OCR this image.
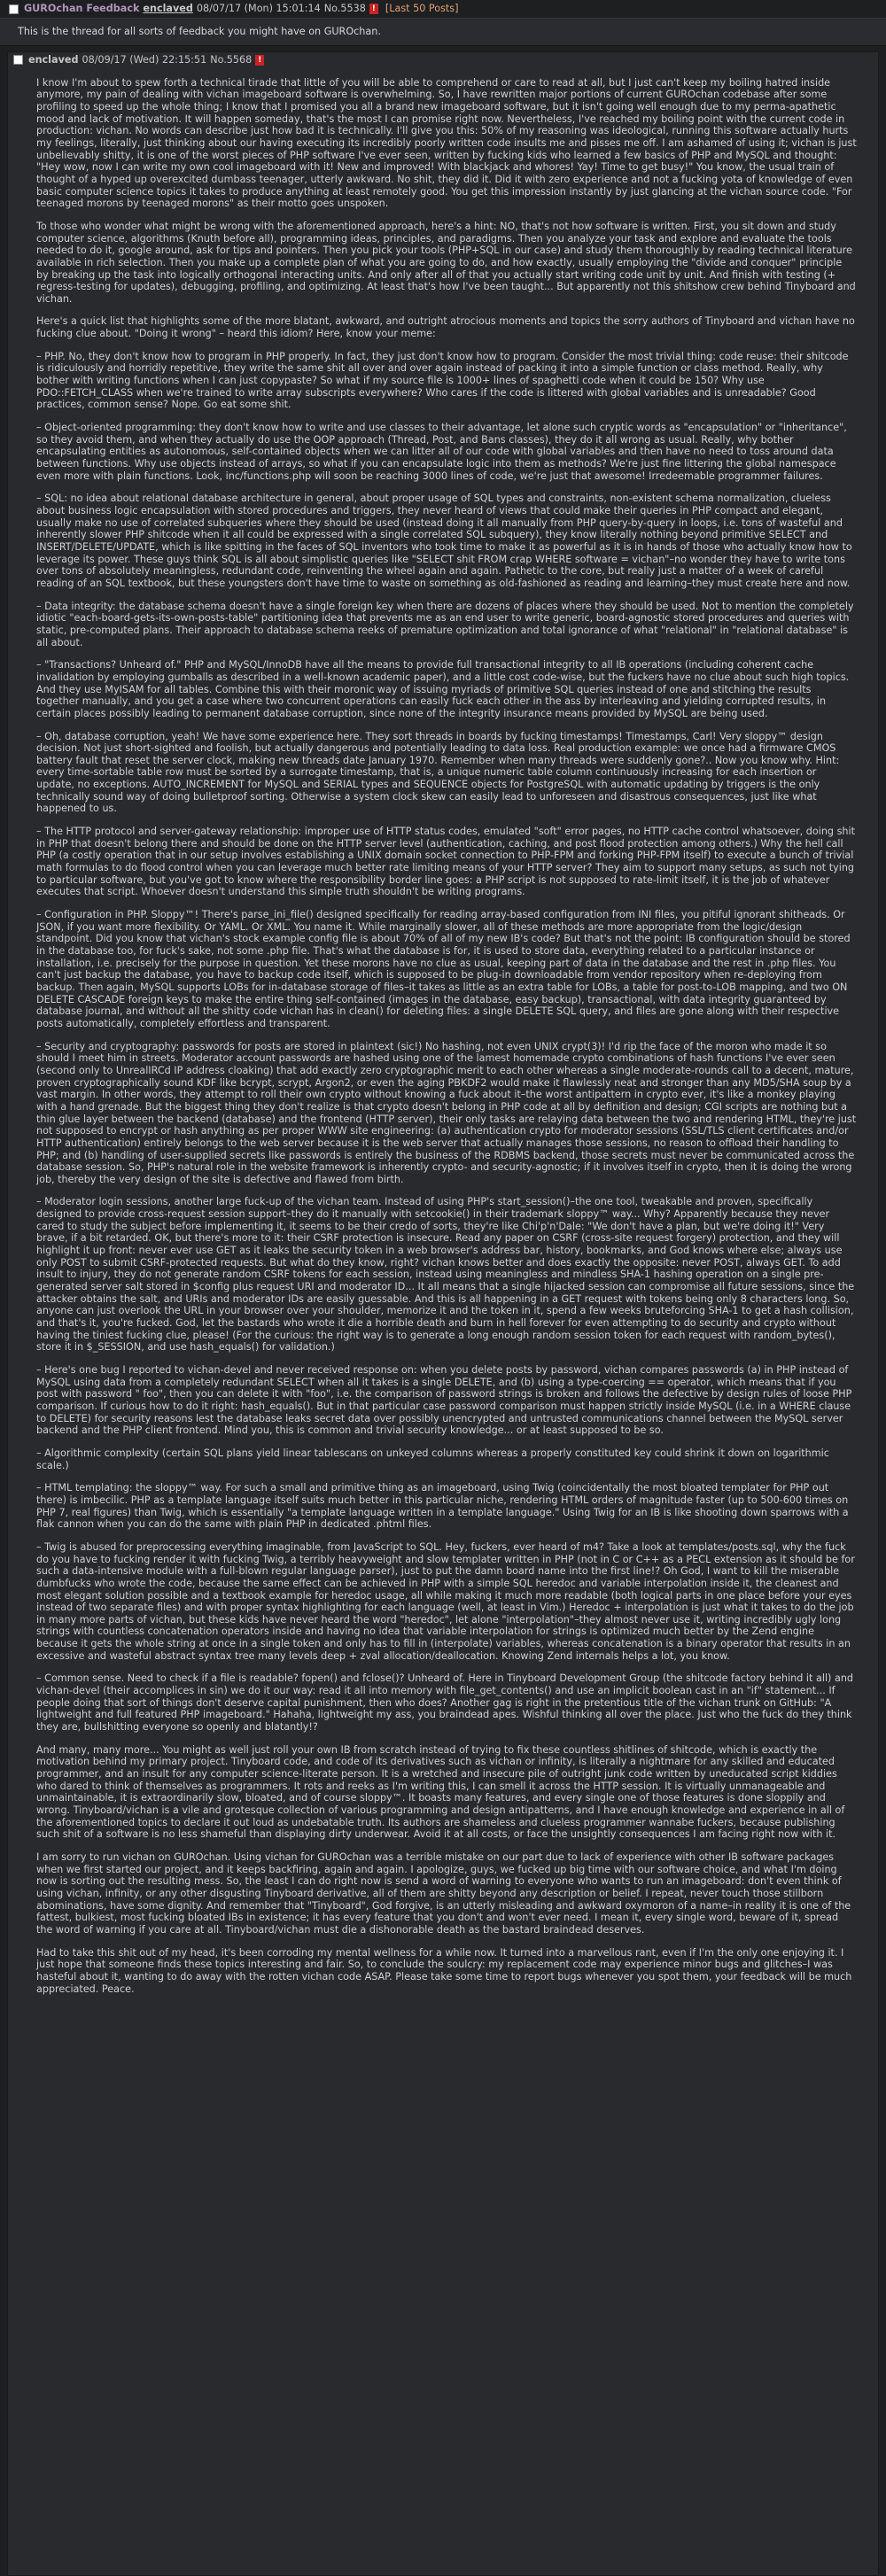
GUROchan Feedback enclaved 08/07/17 (Mon) 15:01:14 No.5538 ! [Last 50 Posts]
This is the thread for all sorts of feedback you might have on GUROchan.
enclaved 08/09/17 (Wed) 22:15:51 No.5568 !

I know I'm about to spew forth a technical tirade that little of you will be able to comprehend or care to read at all, but I just can't keep my boiling hatred inside anymore, my pain of dealing with vichan imageboard software is overwhelming. So, I have rewritten major portions of current GUROchan codebase after some profiling to speed up the whole thing; I know that I promised you all a brand new imageboard software, but it isn't going well enough due to my perma-apathetic mood and lack of motivation. It will happen someday, that's the most I can promise right now. Nevertheless, I've reached my boiling point with the current code in production: vichan. No words can describe just how bad it is technically. I'll give you this: 50% of my reasoning was ideological, running this software actually hurts my feelings, literally, just thinking about our having executing its incredibly poorly written code insults me and pisses me off. I am ashamed of using it; vichan is just unbelievably shitty, it is one of the worst pieces of PHP software I've ever seen, written by fucking kids who learned a few basics of PHP and MySQL and thought: "Hey wow, now I can write my own cool imageboard with it! New and improved! With blackjack and whores! Yay! Time to get busy!" You know, the usual train of thought of a hyped up overexcited dumbass teenager, utterly awkward. No shit, they did it. Did it with zero experience and not a fucking yota of knowledge of even basic computer science topics it takes to produce anything at least remotely good. You get this impression instantly by just glancing at the vichan source code. "For teenaged morons by teenaged morons" as their motto goes unspoken.

To those who wonder what might be wrong with the aforementioned approach, here's a hint: NO, that's not how software is written. First, you sit down and study computer science, algorithms (Knuth before all), programming ideas, principles, and paradigms. Then you analyze your task and explore and evaluate the tools needed to do it, google around, ask for tips and pointers. Then you pick your tools (PHP+SQL in our case) and study them thoroughly by reading technical literature available in rich selection. Then you make up a complete plan of what you are going to do, and how exactly, usually employing the "divide and conquer" principle by breaking up the task into logically orthogonal interacting units. And only after all of that you actually start writing code unit by unit. And finish with testing (+ regress-testing for updates), debugging, profiling, and optimizing. At least that's how I've been taught... But apparently not this shitshow crew behind Tinyboard and vichan.

Here's a quick list that highlights some of the more blatant, awkward, and outright atrocious moments and topics the sorry authors of Tinyboard and vichan have no fucking clue about. "Doing it wrong" – heard this idiom? Here, know your meme:

– PHP. No, they don't know how to program in PHP properly. In fact, they just don't know how to program. Consider the most trivial thing: code reuse: their shitcode is ridiculously and horridly repetitive, they write the same shit all over and over again instead of packing it into a simple function or class method. Really, why bother with writing functions when I can just copypaste? So what if my source file is 1000+ lines of spaghetti code when it could be 150? Why use PDO::FETCH_CLASS when we're trained to write array subscripts everywhere? Who cares if the code is littered with global variables and is unreadable? Good practices, common sense? Nope. Go eat some shit.

– Object-oriented programming: they don't know how to write and use classes to their advantage, let alone such cryptic words as "encapsulation" or "inheritance", so they avoid them, and when they actually do use the OOP approach (Thread, Post, and Bans classes), they do it all wrong as usual. Really, why bother encapsulating entities as autonomous, self-contained objects when we can litter all of our code with global variables and then have no need to toss around data between functions. Why use objects instead of arrays, so what if you can encapsulate logic into them as methods? We're just fine littering the global namespace even more with plain functions. Look, inc/functions.php will soon be reaching 3000 lines of code, we're just that awesome! Irredeemable programmer failures.

– SQL: no idea about relational database architecture in general, about proper usage of SQL types and constraints, non-existent schema normalization, clueless about business logic encapsulation with stored procedures and triggers, they never heard of views that could make their queries in PHP compact and elegant, usually make no use of correlated subqueries where they should be used (instead doing it all manually from PHP query-by-query in loops, i.e. tons of wasteful and inherently slower PHP shitcode when it all could be expressed with a single correlated SQL subquery), they know literally nothing beyond primitive SELECT and INSERT/DELETE/UPDATE, which is like spitting in the faces of SQL inventors who took time to make it as powerful as it is in hands of those who actually know how to leverage its power. These guys think SQL is all about simplistic queries like "SELECT shit FROM crap WHERE software = vichan"–no wonder they have to write tons over tons of absolutely meaningless, redundant code, reinventing the wheel again and again. Pathetic to the core, but really just a matter of a week of careful reading of an SQL textbook, but these youngsters don't have time to waste on something as old-fashioned as reading and learning–they must create here and now.

– Data integrity: the database schema doesn't have a single foreign key when there are dozens of places where they should be used. Not to mention the completely idiotic "each-board-gets-its-own-posts-table" partitioning idea that prevents me as an end user to write generic, board-agnostic stored procedures and queries with static, pre-computed plans. Their approach to database schema reeks of premature optimization and total ignorance of what "relational" in "relational database" is all about.

– "Transactions? Unheard of." PHP and MySQL/InnoDB have all the means to provide full transactional integrity to all IB operations (including coherent cache invalidation by employing gumballs as described in a well-known academic paper), and a little cost code-wise, but the fuckers have no clue about such high topics. And they use MyISAM for all tables. Combine this with their moronic way of issuing myriads of primitive SQL queries instead of one and stitching the results together manually, and you get a case where two concurrent operations can easily fuck each other in the ass by interleaving and yielding corrupted results, in certain places possibly leading to permanent database corruption, since none of the integrity insurance means provided by MySQL are being used.

– Oh, database corruption, yeah! We have some experience here. They sort threads in boards by fucking timestamps! Timestamps, Carl! Very sloppy™ design decision. Not just short-sighted and foolish, but actually dangerous and potentially leading to data loss. Real production example: we once had a firmware CMOS battery fault that reset the server clock, making new threads date January 1970. Remember when many threads were suddenly gone?.. Now you know why. Hint: every time-sortable table row must be sorted by a surrogate timestamp, that is, a unique numeric table column continuously increasing for each insertion or update, no exceptions. AUTO_INCREMENT for MySQL and SERIAL types and SEQUENCE objects for PostgreSQL with automatic updating by triggers is the only technically sound way of doing bulletproof sorting. Otherwise a system clock skew can easily lead to unforeseen and disastrous consequences, just like what happened to us.

– The HTTP protocol and server-gateway relationship: improper use of HTTP status codes, emulated "soft" error pages, no HTTP cache control whatsoever, doing shit in PHP that doesn't belong there and should be done on the HTTP server level (authentication, caching, and post flood protection among others.) Why the hell call PHP (a costly operation that in our setup involves establishing a UNIX domain socket connection to PHP-FPM and forking PHP-FPM itself) to execute a bunch of trivial math formulas to do flood control when you can leverage much better rate limiting means of your HTTP server? They aim to support many setups, as such not tying to particular software, but you've got to know where the responsibility border line goes: a PHP script is not supposed to rate-limit itself, it is the job of whatever executes that script. Whoever doesn't understand this simple truth shouldn't be writing programs.

– Configuration in PHP. Sloppy™! There's parse_ini_file() designed specifically for reading array-based configuration from INI files, you pitiful ignorant shitheads. Or JSON, if you want more flexibility. Or YAML. Or XML. You name it. While marginally slower, all of these methods are more appropriate from the logic/design standpoint. Did you know that vichan's stock example config file is about 70% of all of my new IB's code? But that's not the point: IB configuration should be stored in the database too, for fuck's sake, not some .php file. That's what the database is for, it is used to store data, everything related to a particular instance or installation, i.e. precisely for the purpose in question. Yet these morons have no clue as usual, keeping part of data in the database and the rest in .php files. You can't just backup the database, you have to backup code itself, which is supposed to be plug-in downloadable from vendor repository when re-deploying from backup. Then again, MySQL supports LOBs for in-database storage of files–it takes as little as an extra table for LOBs, a table for post-to-LOB mapping, and two ON DELETE CASCADE foreign keys to make the entire thing self-contained (images in the database, easy backup), transactional, with data integrity guaranteed by database journal, and without all the shitty code vichan has in clean() for deleting files: a single DELETE SQL query, and files are gone along with their respective posts automatically, completely effortless and transparent.

– Security and cryptography: passwords for posts are stored in plaintext (sic!) No hashing, not even UNIX crypt(3)! I'd rip the face of the moron who made it so should I meet him in streets. Moderator account passwords are hashed using one of the lamest homemade crypto combinations of hash functions I've ever seen (second only to UnrealIRCd IP address cloaking) that add exactly zero cryptographic merit to each other whereas a single moderate-rounds call to a decent, mature, proven cryptographically sound KDF like bcrypt, scrypt, Argon2, or even the aging PBKDF2 would make it flawlessly neat and stronger than any MD5/SHA soup by a vast margin. In other words, they attempt to roll their own crypto without knowing a fuck about it–the worst antipattern in crypto ever, it's like a monkey playing with a hand grenade. But the biggest thing they don't realize is that crypto doesn't belong in PHP code at all by definition and design; CGI scripts are nothing but a thin glue layer between the backend (database) and the frontend (HTTP server), their only tasks are relaying data between the two and rendering HTML, they're just not supposed to encrypt or hash anything as per proper WWW site engineering: (a) authentication crypto for moderator sessions (SSL/TLS client certificates and/or HTTP authentication) entirely belongs to the web server because it is the web server that actually manages those sessions, no reason to offload their handling to PHP; and (b) handling of user-supplied secrets like passwords is entirely the business of the RDBMS backend, those secrets must never be communicated across the database session. So, PHP's natural role in the website framework is inherently crypto- and security-agnostic; if it involves itself in crypto, then it is doing the wrong job, thereby the very design of the site is defective and flawed from birth.

– Moderator login sessions, another large fuck-up of the vichan team. Instead of using PHP's start_session()–the one tool, tweakable and proven, specifically designed to provide cross-request session support–they do it manually with setcookie() in their trademark sloppy™ way... Why? Apparently because they never cared to study the subject before implementing it, it seems to be their credo of sorts, they're like Chi'p'n'Dale: "We don't have a plan, but we're doing it!" Very brave, if a bit retarded. OK, but there's more to it: their CSRF protection is insecure. Read any paper on CSRF (cross-site request forgery) protection, and they will highlight it up front: never ever use GET as it leaks the security token in a web browser's address bar, history, bookmarks, and God knows where else; always use only POST to submit CSRF-protected requests. But what do they know, right? vichan knows better and does exactly the opposite: never POST, always GET. To add insult to injury, they do not generate random CSRF tokens for each session, instead using meaningless and mindless SHA-1 hashing operation on a single pre-generated server salt stored in $config plus request URI and moderator ID... It all means that a single hijacked session can compromise all future sessions, since the attacker obtains the salt, and URIs and moderator IDs are easily guessable. And this is all happening in a GET request with tokens being only 8 characters long. So, anyone can just overlook the URL in your browser over your shoulder, memorize it and the token in it, spend a few weeks bruteforcing SHA-1 to get a hash collision, and that's it, you're fucked. God, let the bastards who wrote it die a horrible death and burn in hell forever for even attempting to do security and crypto without having the tiniest fucking clue, please! (For the curious: the right way is to generate a long enough random session token for each request with random_bytes(), store it in $_SESSION, and use hash_equals() for validation.)

– Here's one bug I reported to vichan-devel and never received response on: when you delete posts by password, vichan compares passwords (a) in PHP instead of MySQL using data from a completely redundant SELECT when all it takes is a single DELETE, and (b) using a type-coercing == operator, which means that if you post with password " foo", then you can delete it with "foo", i.e. the comparison of password strings is broken and follows the defective by design rules of loose PHP comparison. If curious how to do it right: hash_equals(). But in that particular case password comparison must happen strictly inside MySQL (i.e. in a WHERE clause to DELETE) for security reasons lest the database leaks secret data over possibly unencrypted and untrusted communications channel between the MySQL server backend and the PHP client frontend. Mind you, this is common and trivial security knowledge... or at least supposed to be so.

– Algorithmic complexity (certain SQL plans yield linear tablescans on unkeyed columns whereas a properly constituted key could shrink it down on logarithmic scale.)

– HTML templating: the sloppy™ way. For such a small and primitive thing as an imageboard, using Twig (coincidentally the most bloated templater for PHP out there) is imbecilic. PHP as a template language itself suits much better in this particular niche, rendering HTML orders of magnitude faster (up to 500-600 times on PHP 7, real figures) than Twig, which is essentially "a template language written in a template language." Using Twig for an IB is like shooting down sparrows with a flak cannon when you can do the same with plain PHP in dedicated .phtml files.

– Twig is abused for preprocessing everything imaginable, from JavaScript to SQL. Hey, fuckers, ever heard of m4? Take a look at templates/posts.sql, why the fuck do you have to fucking render it with fucking Twig, a terribly heavyweight and slow templater written in PHP (not in C or C++ as a PECL extension as it should be for such a data-intensive module with a full-blown regular language parser), just to put the damn board name into the first line!? Oh God, I want to kill the miserable dumbfucks who wrote the code, because the same effect can be achieved in PHP with a simple SQL heredoc and variable interpolation inside it, the cleanest and most elegant solution possible and a textbook example for heredoc usage, all while making it much more readable (both logical parts in one place before your eyes instead of two separate files) and with proper syntax highlighting for each language (well, at least in Vim.) Heredoc + interpolation is just what it takes to do the job in many more parts of vichan, but these kids have never heard the word "heredoc", let alone "interpolation"–they almost never use it, writing incredibly ugly long strings with countless concatenation operators inside and having no idea that variable interpolation for strings is optimized much better by the Zend engine because it gets the whole string at once in a single token and only has to fill in (interpolate) variables, whereas concatenation is a binary operator that results in an excessive and wasteful abstract syntax tree many levels deep + zval allocation/deallocation. Knowing Zend internals helps a lot, you know.

– Common sense. Need to check if a file is readable? fopen() and fclose()? Unheard of. Here in Tinyboard Development Group (the shitcode factory behind it all) and vichan-devel (their accomplices in sin) we do it our way: read it all into memory with file_get_contents() and use an implicit boolean cast in an "if" statement... If people doing that sort of things don't deserve capital punishment, then who does? Another gag is right in the pretentious title of the vichan trunk on GitHub: "A lightweight and full featured PHP imageboard." Hahaha, lightweight my ass, you braindead apes. Wishful thinking all over the place. Just who the fuck do they think they are, bullshitting everyone so openly and blatantly!?

And many, many more... You might as well just roll your own IB from scratch instead of trying to fix these countless shitlines of shitcode, which is exactly the motivation behind my primary project. Tinyboard code, and code of its derivatives such as vichan or infinity, is literally a nightmare for any skilled and educated programmer, and an insult for any computer science-literate person. It is a wretched and insecure pile of outright junk code written by uneducated script kiddies who dared to think of themselves as programmers. It rots and reeks as I'm writing this, I can smell it across the HTTP session. It is virtually unmanageable and unmaintainable, it is extraordinarily slow, bloated, and of course sloppy™. It boasts many features, and every single one of those features is done sloppily and wrong. Tinyboard/vichan is a vile and grotesque collection of various programming and design antipatterns, and I have enough knowledge and experience in all of the aforementioned topics to declare it out loud as undebatable truth. Its authors are shameless and clueless programmer wannabe fuckers, because publishing such shit of a software is no less shameful than displaying dirty underwear. Avoid it at all costs, or face the unsightly consequences I am facing right now with it.

I am sorry to run vichan on GUROchan. Using vichan for GUROchan was a terrible mistake on our part due to lack of experience with other IB software packages when we first started our project, and it keeps backfiring, again and again. I apologize, guys, we fucked up big time with our software choice, and what I'm doing now is sorting out the resulting mess. So, the least I can do right now is send a word of warning to everyone who wants to run an imageboard: don't even think of using vichan, infinity, or any other disgusting Tinyboard derivative, all of them are shitty beyond any description or belief. I repeat, never touch those stillborn abominations, have some dignity. And remember that "Tinyboard", God forgive, is an utterly misleading and awkward oxymoron of a name–in reality it is one of the fattest, bulkiest, most fucking bloated IBs in existence; it has every feature that you don't and won't ever need. I mean it, every single word, beware of it, spread the word of warning if you care at all. Tinyboard/vichan must die a dishonorable death as the bastard braindead deserves.

Had to take this shit out of my head, it's been corroding my mental wellness for a while now. It turned into a marvellous rant, even if I'm the only one enjoying it. I just hope that someone finds these topics interesting and fair. So, to conclude the soulcry: my replacement code may experience minor bugs and glitches–I was hasteful about it, wanting to do away with the rotten vichan code ASAP. Please take some time to report bugs whenever you spot them, your feedback will be much appreciated. Peace.
